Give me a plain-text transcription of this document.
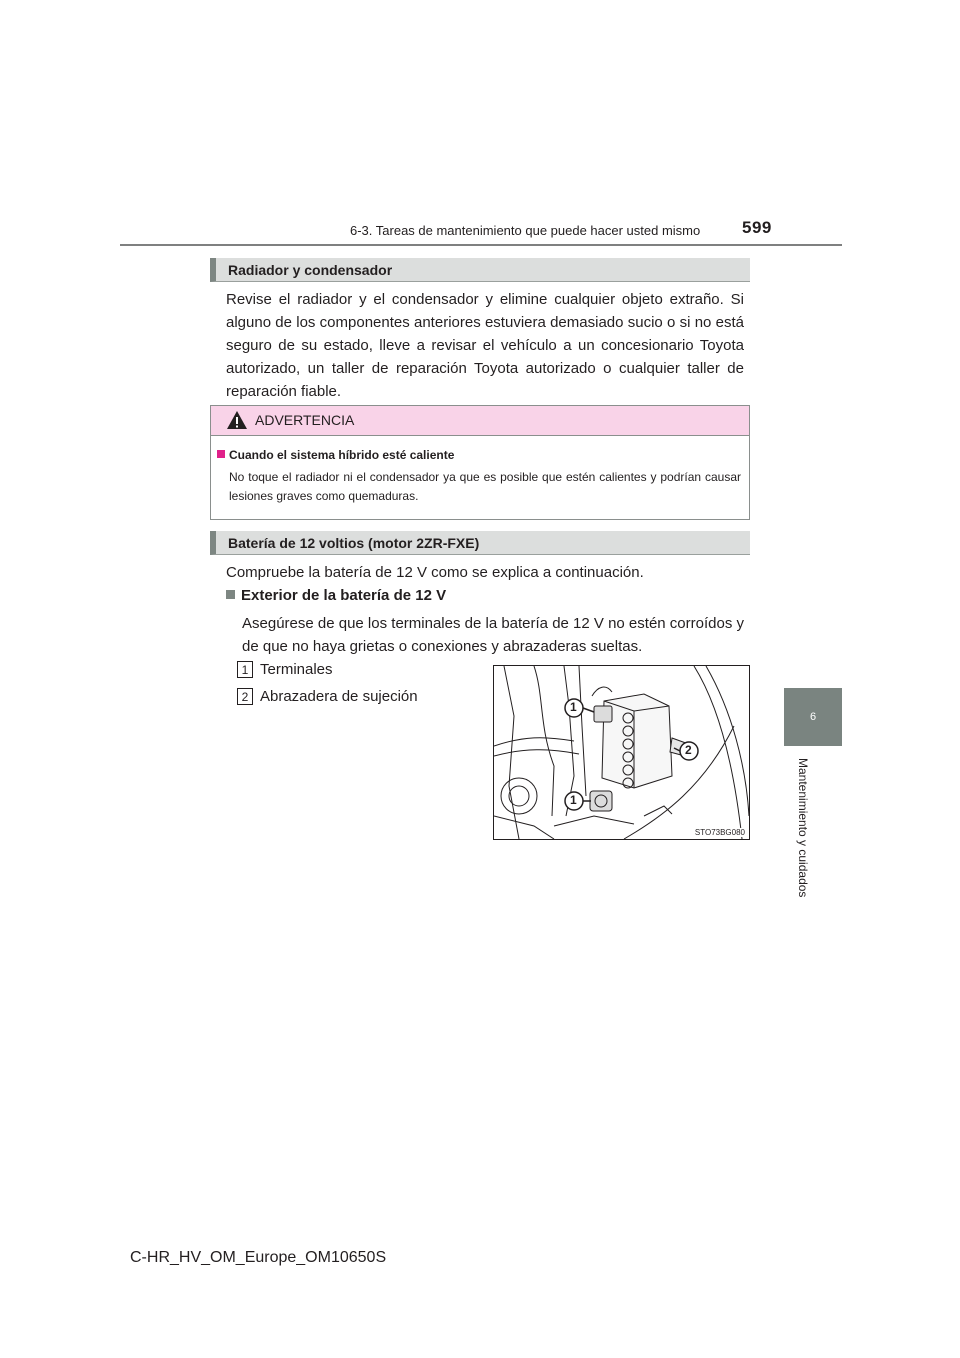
6-3. Tareas de mantenimiento que puede hacer usted mismo 599
6
Mantenimiento y cuidados
Radiador y condensador
Revise el radiador y el condensador y elimine cualquier objeto extraño. Si alguno de los componentes anteriores estuviera demasiado sucio o si no está seguro de su estado, lleve a revisar el vehículo a un concesionario Toyota autorizado, un taller de reparación Toyota autorizado o cualquier taller de reparación fiable.
ADVERTENCIA
Cuando el sistema híbrido esté caliente
No toque el radiador ni el condensador ya que es posible que estén calientes y podrían causar lesiones graves como quemaduras.
Batería de 12 voltios (motor 2ZR-FXE)
Compruebe la batería de 12 V como se explica a continuación.
Exterior de la batería de 12 V
Asegúrese de que los terminales de la batería de 12 V no estén corroídos y de que no haya grietas o conexiones y abrazaderas sueltas.
1 Terminales
2 Abrazadera de sujeción
1
1
2
STO73BG080
C-HR_HV_OM_Europe_OM10650S
